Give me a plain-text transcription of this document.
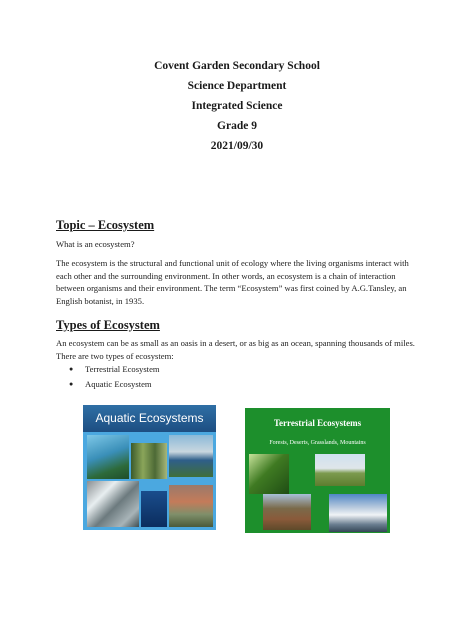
Covent Garden Secondary School
Science Department
Integrated Science
Grade 9
2021/09/30
Topic – Ecosystem
What is an ecosystem?
The ecosystem is the structural and functional unit of ecology where the living organisms interact with each other and the surrounding environment. In other words, an ecosystem is a chain of interaction between organisms and their environment. The term “Ecosystem” was first coined by A.G.Tansley, an English botanist, in 1935.
Types of Ecosystem
An ecosystem can be as small as an oasis in a desert, or as big as an ocean, spanning thousands of miles. There are two types of ecosystem:
● Terrestrial Ecosystem
● Aquatic Ecosystem
Aquatic Ecosystems	Terrestrial Ecosystems
Forests, Deserts, Grasslands, Mountains
